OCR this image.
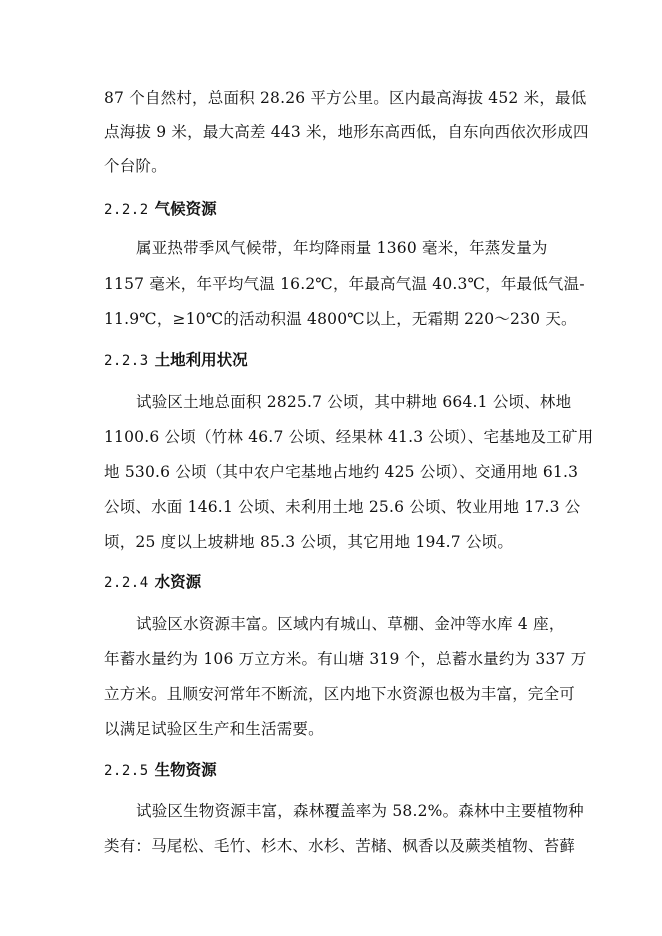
87 个自然村，总面积 28.26 平方公里。区内最高海拔 452 米，最低
点海拔 9 米，最大高差 443 米，地形东高西低，自东向西依次形成四
个台阶。
2.2.2 气候资源
属亚热带季风气候带，年均降雨量 1360 毫米，年蒸发量为
1157 毫米，年平均气温 16.2℃，年最高气温 40.3℃，年最低气温-
11.9℃，≥10℃的活动积温 4800℃以上，无霜期 220～230 天。
2.2.3 土地利用状况
试验区土地总面积 2825.7 公顷，其中耕地 664.1 公顷、林地
1100.6 公顷（竹林 46.7 公顷、经果林 41.3 公顷）、宅基地及工矿用
地 530.6 公顷（其中农户宅基地占地约 425 公顷）、交通用地 61.3
公顷、水面 146.1 公顷、未利用土地 25.6 公顷、牧业用地 17.3 公
顷，25 度以上坡耕地 85.3 公顷，其它用地 194.7 公顷。
2.2.4 水资源
试验区水资源丰富。区域内有城山、草棚、金冲等水库 4 座，
年蓄水量约为 106 万立方米。有山塘 319 个，总蓄水量约为 337 万
立方米。且顺安河常年不断流，区内地下水资源也极为丰富，完全可
以满足试验区生产和生活需要。
2.2.5 生物资源
试验区生物资源丰富，森林覆盖率为 58.2%。森林中主要植物种
类有：马尾松、毛竹、杉木、水杉、苦槠、枫香以及蕨类植物、苔藓
